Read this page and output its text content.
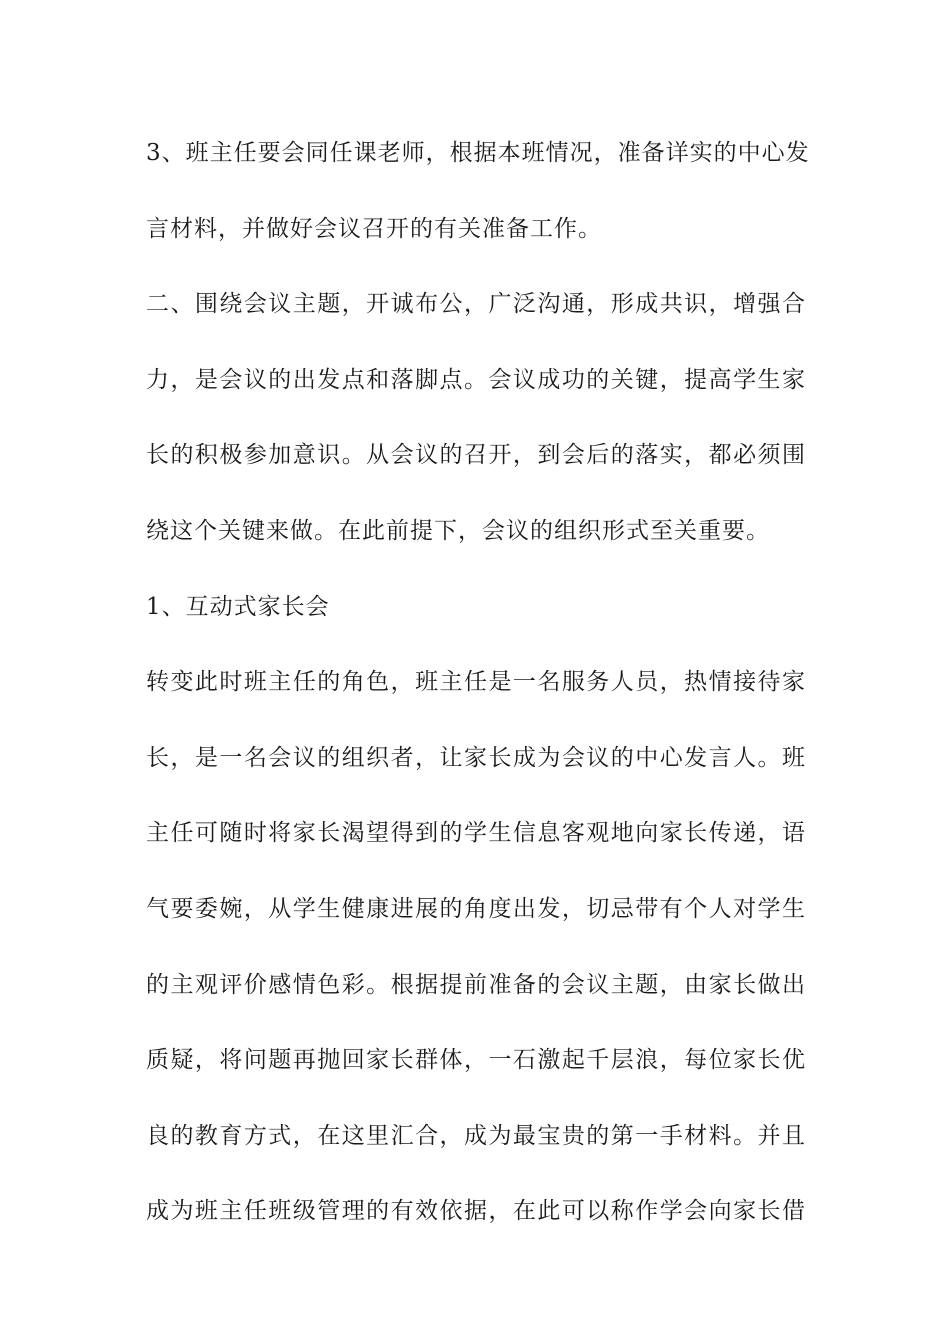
3、班主任要会同任课老师，根据本班情况，准备详实的中心发
言材料，并做好会议召开的有关准备工作。
二、围绕会议主题，开诚布公，广泛沟通，形成共识，增强合
力，是会议的出发点和落脚点。会议成功的关键，提高学生家
长的积极参加意识。从会议的召开，到会后的落实，都必须围
绕这个关键来做。在此前提下，会议的组织形式至关重要。
1、互动式家长会
转变此时班主任的角色，班主任是一名服务人员，热情接待家
长，是一名会议的组织者，让家长成为会议的中心发言人。班
主任可随时将家长渴望得到的学生信息客观地向家长传递，语
气要委婉，从学生健康进展的角度出发，切忌带有个人对学生
的主观评价感情色彩。根据提前准备的会议主题，由家长做出
质疑，将问题再抛回家长群体，一石激起千层浪，每位家长优
良的教育方式，在这里汇合，成为最宝贵的第一手材料。并且
成为班主任班级管理的有效依据，在此可以称作学会向家长借
